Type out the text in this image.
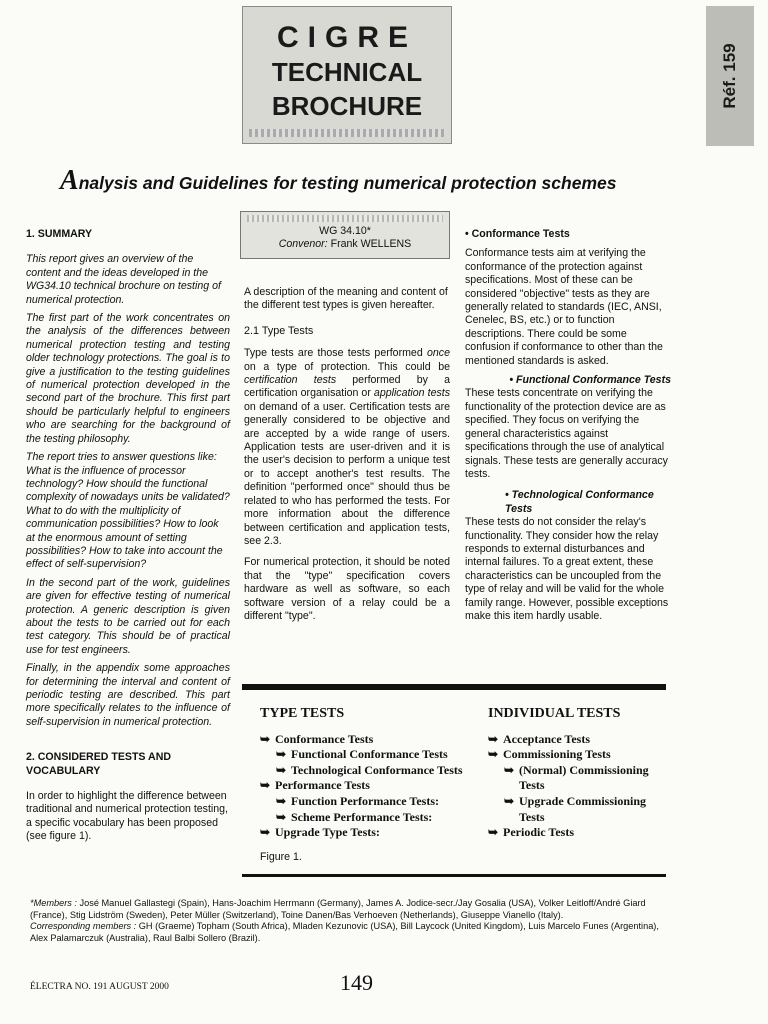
CIGRE
TECHNICAL
BROCHURE	Réf. 159
Analysis and Guidelines for testing numerical protection schemes
WG 34.10*
Convenor: Frank WELLENS
1. SUMMARY

This report gives an overview of the content and the ideas developed in the WG34.10 technical brochure on testing of numerical protection.

The first part of the work concentrates on the analysis of the differences between numerical protection testing and testing older technology protections. The goal is to give a justification to the testing guidelines of numerical protection developed in the second part of the brochure. This first part should be particularly helpful to engineers who are searching for the background of the testing philosophy.

The report tries to answer questions like: What is the influence of processor technology? How should the functional complexity of nowadays units be validated? What to do with the multiplicity of communication possibilities? How to look at the enormous amount of setting possibilities? How to take into account the effect of self-supervision?

In the second part of the work, guidelines are given for effective testing of numerical protection. A generic description is given about the tests to be carried out for each test category. This should be of practical use for test engineers.

Finally, in the appendix some approaches for determining the interval and content of periodic testing are described. This part more specifically relates to the influence of self-supervision in numerical protection.

2. CONSIDERED TESTS AND VOCABULARY

In order to highlight the difference between traditional and numerical protection testing, a specific vocabulary has been proposed (see figure 1).

A description of the meaning and content of the different test types is given hereafter.

2.1 Type Tests

Type tests are those tests performed once on a type of protection. This could be certification tests performed by a certification organisation or application tests on demand of a user. Certification tests are generally considered to be objective and are accepted by a wide range of users. Application tests are user-driven and it is the user's decision to perform a unique test or to accept another's test results. The definition "performed once" should thus be related to who has performed the tests. For more information about the difference between certification and application tests, see 2.3.

For numerical protection, it should be noted that the "type" specification covers hardware as well as software, so each software version of a relay could be a different "type".

• Conformance Tests

Conformance tests aim at verifying the conformance of the protection against specifications. Most of these can be considered "objective" tests as they are generally related to standards (IEC, ANSI, Cenelec, BS, etc.) or to function descriptions. There could be some confusion if conformance to other than the mentioned standards is asked.

• Functional Conformance Tests

These tests concentrate on verifying the functionality of the protection device are as specified. They focus on verifying the general characteristics against specifications through the use of analytical signals. These tests are generally accuracy tests.

• Technological Conformance Tests

These tests do not consider the relay's functionality. They consider how the relay responds to external disturbances and internal failures. To a great extent, these characteristics can be uncoupled from the type of relay and will be valid for the whole family range. However, possible exceptions make this item hardly usable.

TYPE TESTS
➥ Conformance Tests
➥ Functional Conformance Tests
➥ Technological Conformance Tests
➥ Performance Tests
➥ Function Performance Tests:
➥ Scheme Performance Tests:
➥ Upgrade Type Tests:
INDIVIDUAL TESTS
➥ Acceptance Tests
➥ Commissioning Tests
➥ (Normal) Commissioning
Tests
➥ Upgrade Commissioning
Tests
➥ Periodic Tests
Figure 1.
*Members : José Manuel Gallastegi (Spain), Hans-Joachim Herrmann (Germany), James A. Jodice-secr./Jay Gosalia (USA), Volker Leitloff/André Giard (France), Stig Lidström (Sweden), Peter Müller (Switzerland), Toine Danen/Bas Verhoeven (Netherlands), Giuseppe Vianello (Italy).
Corresponding members : GH (Graeme) Topham (South Africa), Mladen Kezunovic (USA), Bill Laycock (United Kingdom), Luis Marcelo Funes (Argentina), Alex Palamarczuk (Australia), Raul Balbi Sollero (Brazil).
ÉLECTRA NO. 191 AUGUST 2000	149
